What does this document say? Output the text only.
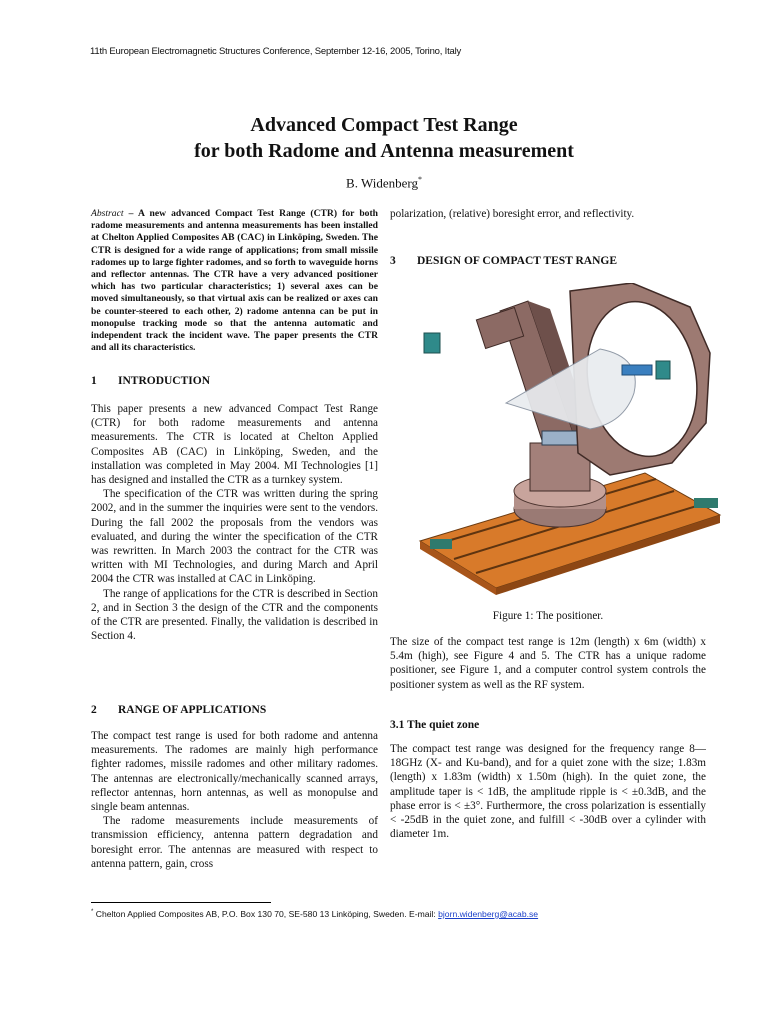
11th European Electromagnetic Structures Conference, September 12-16, 2005, Torino, Italy
Advanced Compact Test Range
for both Radome and Antenna measurement
B. Widenberg*
Abstract – A new advanced Compact Test Range (CTR) for both radome measurements and antenna measurements has been installed at Chelton Applied Composites AB (CAC) in Linköping, Sweden. The CTR is designed for a wide range of applications; from small missile radomes up to large fighter radomes, and so forth to waveguide horns and reflector antennas. The CTR have a very advanced positioner which has two particular characteristics; 1) several axes can be moved simultaneously, so that virtual axis can be realized or axes can be counter-steered to each other, 2) radome antenna can be put in monopulse tracking mode so that the antenna automatic and independent track the incident wave. The paper presents the CTR and all its characteristics.
1 INTRODUCTION

This paper presents a new advanced Compact Test Range (CTR) for both radome measurements and antenna measurements. The CTR is located at Chelton Applied Composites AB (CAC) in Linköping, Sweden, and the installation was completed in May 2004. MI Technologies [1] has designed and installed the CTR as a turnkey system.

The specification of the CTR was written during the spring 2002, and in the summer the inquiries were sent to the vendors. During the fall 2002 the proposals from the vendors was evaluated, and during the winter the specification of the CTR was rewritten. In March 2003 the contract for the CTR was written with MI Technologies, and during March and April 2004 the CTR was installed at CAC in Linköping.

The range of applications for the CTR is described in Section 2, and in Section 3 the design of the CTR and the components of the CTR are presented. Finally, the validation is described in Section 4.

2 RANGE OF APPLICATIONS

The compact test range is used for both radome and antenna measurements. The radomes are mainly high performance fighter radomes, missile radomes and other military radomes. The antennas are electronically/mechanically scanned arrays, reflector antennas, horn antennas, as well as monopulse and single beam antennas.

The radome measurements include measurements of transmission efficiency, antenna pattern degradation and boresight error. The antennas are measured with respect to antenna pattern, gain, cross

polarization, (relative) boresight error, and reflectivity.
3 DESIGN OF COMPACT TEST RANGE
Figure 1: The positioner.
The size of the compact test range is 12m (length) x 6m (width) x 5.4m (high), see Figure 4 and 5. The CTR has a unique radome positioner, see Figure 1, and a computer control system controls the positioner system as well as the RF system.
3.1 The quiet zone
The compact test range was designed for the frequency range 8—18GHz (X- and Ku-band), and for a quiet zone with the size; 1.83m (length) x 1.83m (width) x 1.50m (high). In the quiet zone, the amplitude taper is < 1dB, the amplitude ripple is < ±0.3dB, and the phase error is < ±3°. Furthermore, the cross polarization is essentially < -25dB in the quiet zone, and fulfill < -30dB over a cylinder with diameter 1m.
* Chelton Applied Composites AB, P.O. Box 130 70, SE-580 13 Linköping, Sweden. E-mail: bjorn.widenberg@acab.se
